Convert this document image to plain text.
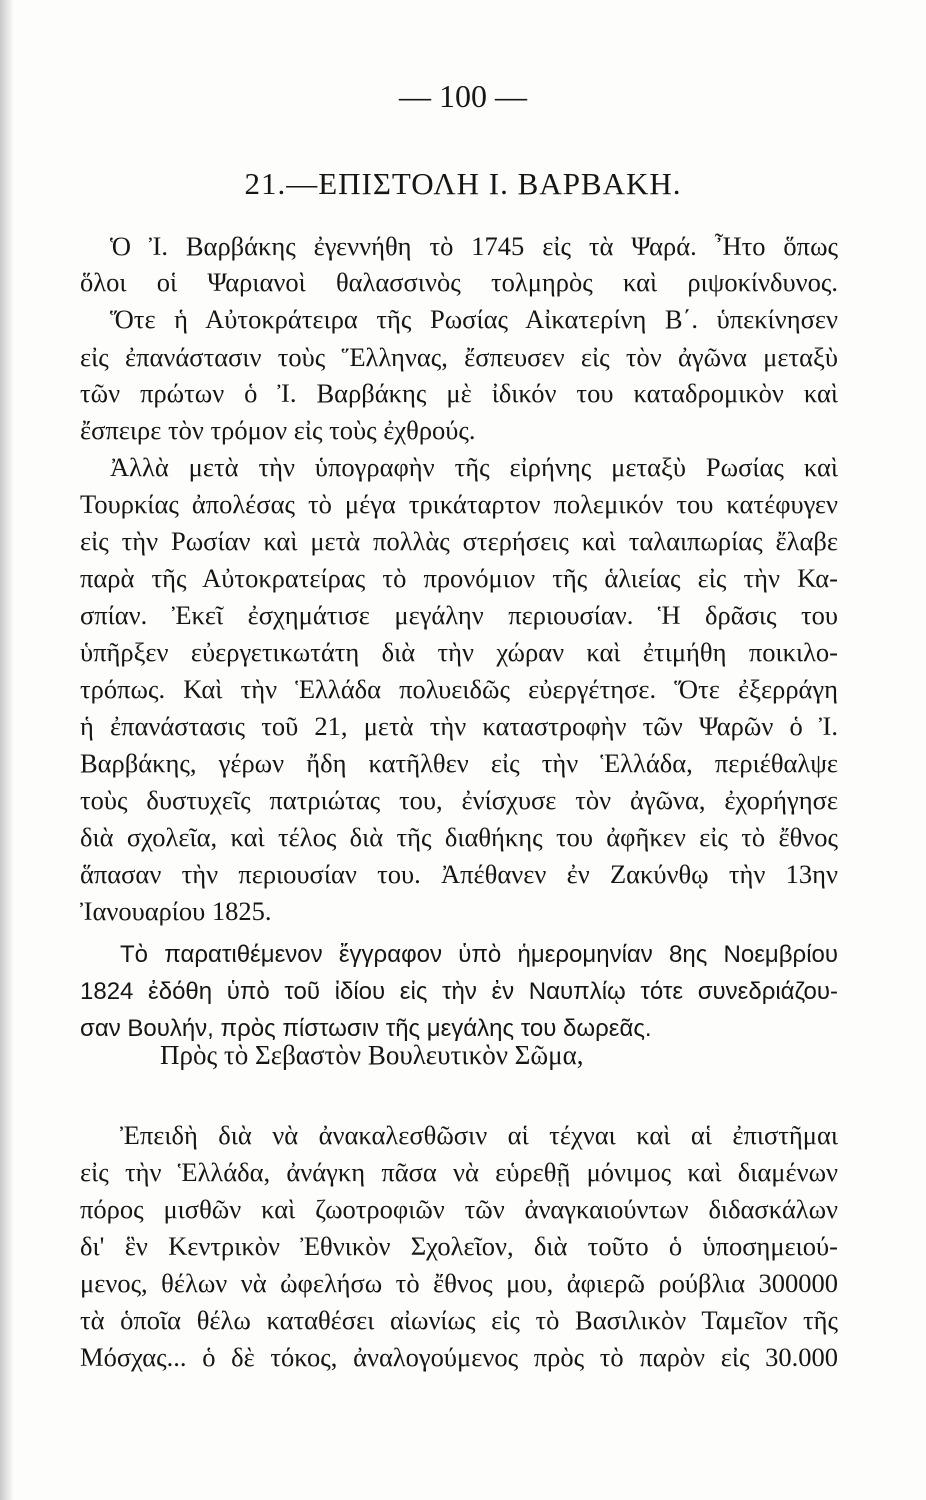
— 100 —
21.—ΕΠΙΣΤΟΛΗ Ι. ΒΑΡΒΑΚΗ.
Ὁ Ἰ. Βαρβάκης ἐγεννήθη τὸ 1745 εἰς τὰ Ψαρά. Ἦτο ὅπως
ὅλοι οἱ Ψαριανοὶ θαλασσινὸς τολμηρὸς καὶ ριψοκίνδυνος.
Ὅτε ἡ Αὐτοκράτειρα τῆς Ρωσίας Αἰκατερίνη Β΄. ὑπεκίνησεν
εἰς ἐπανάστασιν τοὺς Ἕλληνας, ἔσπευσεν εἰς τὸν ἀγῶνα μεταξὺ
τῶν πρώτων ὁ Ἰ. Βαρβάκης μὲ ἰδικόν του καταδρομικὸν καὶ
ἔσπειρε τὸν τρόμον εἰς τοὺς ἐχθρούς.
Ἀλλὰ μετὰ τὴν ὑπογραφὴν τῆς εἰρήνης μεταξὺ Ρωσίας καὶ
Τουρκίας ἀπολέσας τὸ μέγα τρικάταρτον πολεμικόν του κατέφυγεν
εἰς τὴν Ρωσίαν καὶ μετὰ πολλὰς στερήσεις καὶ ταλαιπωρίας ἔλαβε
παρὰ τῆς Αὐτοκρατείρας τὸ προνόμιον τῆς ἁλιείας εἰς τὴν Κα-
σπίαν. Ἐκεῖ ἐσχημάτισε μεγάλην περιουσίαν. Ἡ δρᾶσις του
ὑπῆρξεν εὐεργετικωτάτη διὰ τὴν χώραν καὶ ἐτιμήθη ποικιλο-
τρόπως. Καὶ τὴν Ἑλλάδα πολυειδῶς εὐεργέτησε. Ὅτε ἐξερράγη
ἡ ἐπανάστασις τοῦ 21, μετὰ τὴν καταστροφὴν τῶν Ψαρῶν ὁ Ἰ.
Βαρβάκης, γέρων ἤδη κατῆλθεν εἰς τὴν Ἑλλάδα, περιέθαλψε
τοὺς δυστυχεῖς πατριώτας του, ἐνίσχυσε τὸν ἀγῶνα, ἐχορήγησε
διὰ σχολεῖα, καὶ τέλος διὰ τῆς διαθήκης του ἀφῆκεν εἰς τὸ ἔθνος
ἅπασαν τὴν περιουσίαν του. Ἀπέθανεν ἐν Ζακύνθῳ τὴν 13ην
Ἰανουαρίου 1825.
Τὸ παρατιθέμενον ἔγγραφον ὑπὸ ἡμερομηνίαν 8ης Νοεμβρίου
1824 ἐδόθη ὑπὸ τοῦ ἰδίου εἰς τὴν ἐν Ναυπλίῳ τότε συνεδριάζου-
σαν Βουλήν, πρὸς πίστωσιν τῆς μεγάλης του δωρεᾶς.
Πρὸς τὸ Σεβαστὸν Βουλευτικὸν Σῶμα,
Ἐπειδὴ διὰ νὰ ἀνακαλεσθῶσιν αἱ τέχναι καὶ αἱ ἐπιστῆμαι
εἰς τὴν Ἑλλάδα, ἀνάγκη πᾶσα νὰ εὑρεθῇ μόνιμος καὶ διαμένων
πόρος μισθῶν καὶ ζωοτροφιῶν τῶν ἀναγκαιούντων διδασκάλων
δι' ἓν Κεντρικὸν Ἐθνικὸν Σχολεῖον, διὰ τοῦτο ὁ ὑποσημειού-
μενος, θέλων νὰ ὠφελήσω τὸ ἔθνος μου, ἀφιερῶ ρούβλια 300000
τὰ ὁποῖα θέλω καταθέσει αἰωνίως εἰς τὸ Βασιλικὸν Ταμεῖον τῆς
Μόσχας... ὁ δὲ τόκος, ἀναλογούμενος πρὸς τὸ παρὸν εἰς 30.000
